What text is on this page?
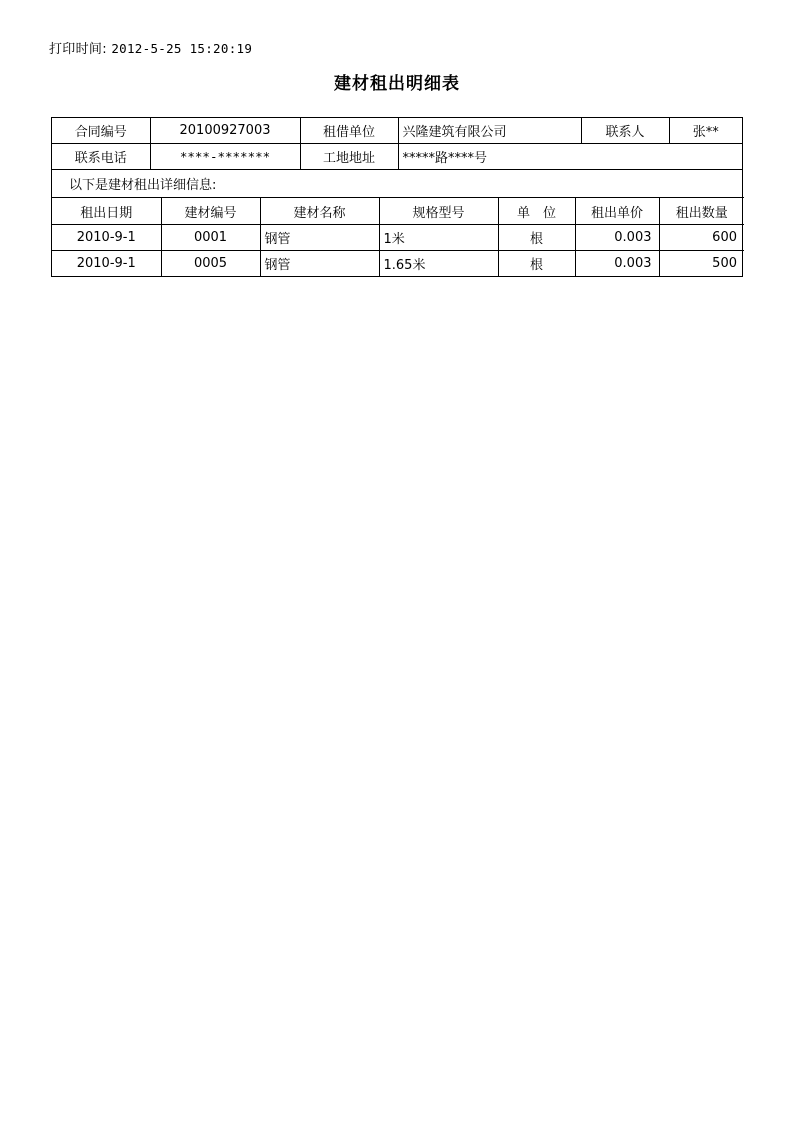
打印时间: 2012-5-25 15:20:19
建材租出明细表
合同编号	20100927003	租借单位	兴隆建筑有限公司	联系人	张**
联系电话	****-*******	工地地址	*****路****号		
以下是建材租出详细信息:
租出日期	建材编号	建材名称	规格型号	单　位	租出单价	租出数量
2010-9-1	0001	钢管	1米	根	0.003	600
2010-9-1	0005	钢管	1.65米	根	0.003	500
